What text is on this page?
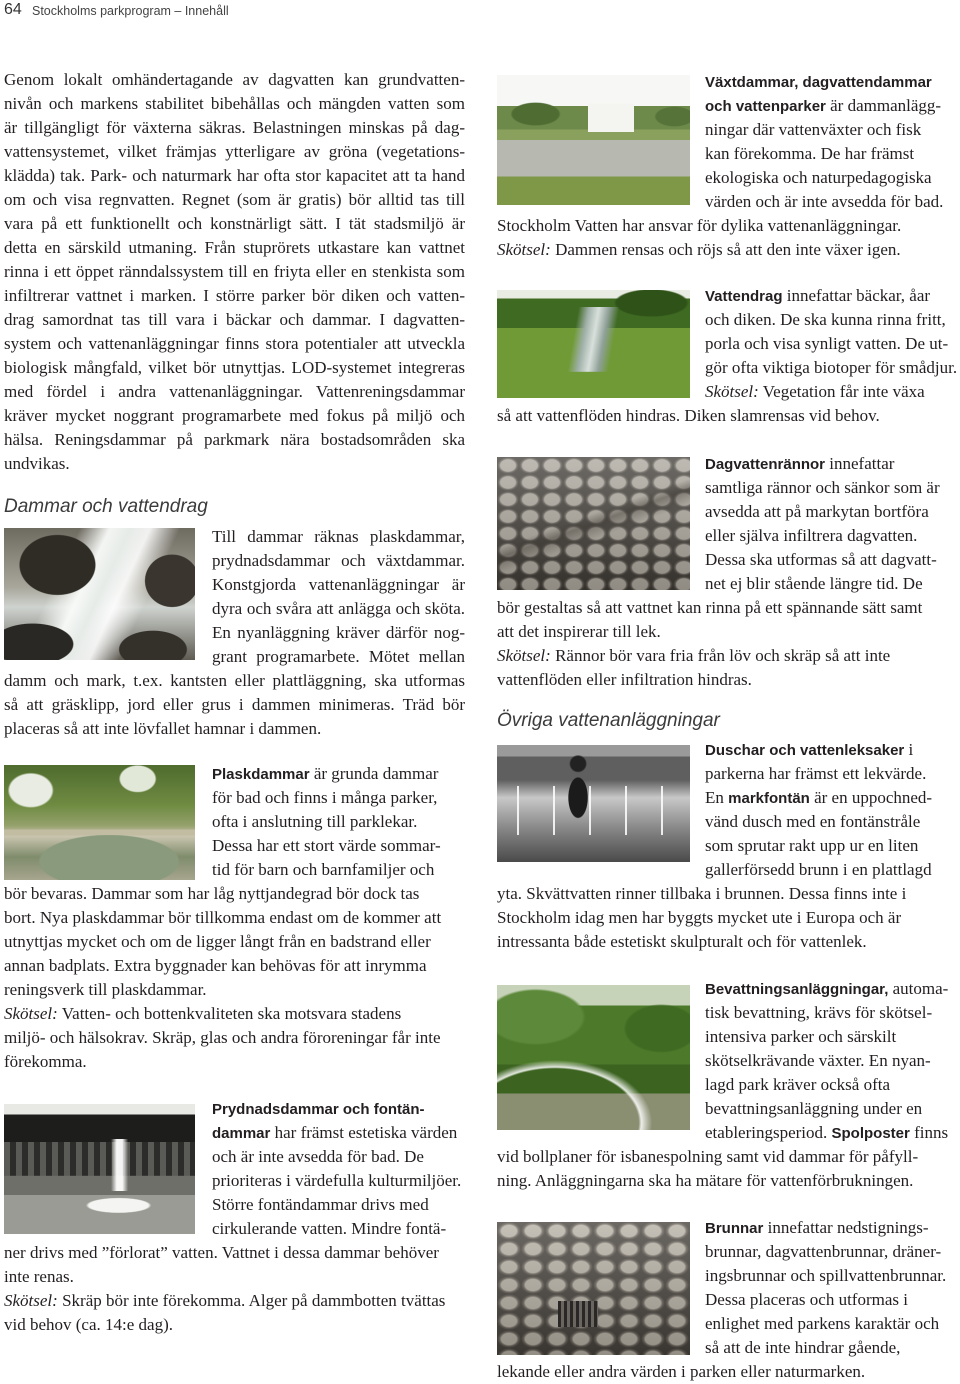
64 Stockholms parkprogram – Innehåll
Genom lokalt omhändertagande av dagvatten kan grundvatten-
nivån och markens stabilitet bibehållas och mängden vatten som
är tillgängligt för växterna säkras. Belastningen minskas på dag-
vattensystemet, vilket främjas ytterligare av gröna (vegetations-
klädda) tak. Park- och naturmark har ofta stor kapacitet att ta hand
om och visa regnvatten. Regnet (som är gratis) bör alltid tas till
vara på ett funktionellt och konstnärligt sätt. I tät stadsmiljö är
detta en särskild utmaning. Från stuprörets utkastare kan vattnet
rinna i ett öppet ränndalssystem till en friyta eller en stenkista som
infiltrerar vattnet i marken. I större parker bör diken och vatten-
drag samordnat tas till vara i bäckar och dammar. I dagvatten-
system och vattenanläggningar finns stora potentialer att utveckla
biologisk mångfald, vilket bör utnyttjas. LOD-systemet integreras
med fördel i andra vattenanläggningar. Vattenreningsdammar
kräver mycket noggrant programarbete med fokus på miljö och
hälsa. Reningsdammar på parkmark nära bostadsområden ska
undvikas.
Dammar och vattendrag
Till dammar räknas plaskdammar,
prydnadsdammar och växtdammar.
Konstgjorda vattenanläggningar är
dyra och svåra att anlägga och sköta.
En nyanläggning kräver därför nog-
grant programarbete. Mötet mellan
damm och mark, t.ex. kantsten eller plattläggning, ska utformas
så att gräsklipp, jord eller grus i dammen minimeras. Träd bör
placeras så att inte lövfallet hamnar i dammen.
Plaskdammar är grunda dammar
för bad och finns i många parker,
ofta i anslutning till parklekar.
Dessa har ett stort värde sommar-
tid för barn och barnfamiljer och
bör bevaras. Dammar som har låg nyttjandegrad bör dock tas
bort. Nya plaskdammar bör tillkomma endast om de kommer att
utnyttjas mycket och om de ligger långt från en badstrand eller
annan badplats. Extra byggnader kan behövas för att inrymma
reningsverk till plaskdammar.
Skötsel: Vatten- och bottenkvaliteten ska motsvara stadens
miljö- och hälsokrav. Skräp, glas och andra föroreningar får inte
förekomma.
Prydnadsdammar och fontän-
dammar har främst estetiska värden
och är inte avsedda för bad. De
prioriteras i värdefulla kulturmiljöer.
Större fontändammar drivs med
cirkulerande vatten. Mindre fontä-
ner drivs med ”förlorat” vatten. Vattnet i dessa dammar behöver
inte renas.
Skötsel: Skräp bör inte förekomma. Alger på dammbotten tvättas
vid behov (ca. 14:e dag).
Växtdammar, dagvattendammar
och vattenparker är dammanlägg-
ningar där vattenväxter och fisk
kan förekomma. De har främst
ekologiska och naturpedagogiska
värden och är inte avsedda för bad.
Stockholm Vatten har ansvar för dylika vattenanläggningar.
Skötsel: Dammen rensas och röjs så att den inte växer igen.
Vattendrag innefattar bäckar, åar
och diken. De ska kunna rinna fritt,
porla och visa synligt vatten. De ut-
gör ofta viktiga biotoper för smådjur.
Skötsel: Vegetation får inte växa
så att vattenflöden hindras. Diken slamrensas vid behov.
Dagvattenrännor innefattar
samtliga rännor och sänkor som är
avsedda att på markytan bortföra
eller själva infiltrera dagvatten.
Dessa ska utformas så att dagvatt-
net ej blir stående längre tid. De
bör gestaltas så att vattnet kan rinna på ett spännande sätt samt
att det inspirerar till lek.
Skötsel: Rännor bör vara fria från löv och skräp så att inte
vattenflöden eller infiltration hindras.
Övriga vattenanläggningar
Duschar och vattenleksaker i
parkerna har främst ett lekvärde.
En markfontän är en uppochned-
vänd dusch med en fontänstråle
som sprutar rakt upp ur en liten
gallerförsedd brunn i en plattlagd
yta. Skvättvatten rinner tillbaka i brunnen. Dessa finns inte i
Stockholm idag men har byggts mycket ute i Europa och är
intressanta både estetiskt skulpturalt och för vattenlek.
Bevattningsanläggningar, automa-
tisk bevattning, krävs för skötsel-
intensiva parker och särskilt
skötselkrävande växter. En nyan-
lagd park kräver också ofta
bevattningsanläggning under en
etableringsperiod. Spolposter finns
vid bollplaner för isbanespolning samt vid dammar för påfyll-
ning. Anläggningarna ska ha mätare för vattenförbrukningen.
Brunnar innefattar nedstignings-
brunnar, dagvattenbrunnar, dräner-
ingsbrunnar och spillvattenbrunnar.
Dessa placeras och utformas i
enlighet med parkens karaktär och
så att de inte hindrar gående,
lekande eller andra värden i parken eller naturmarken.
